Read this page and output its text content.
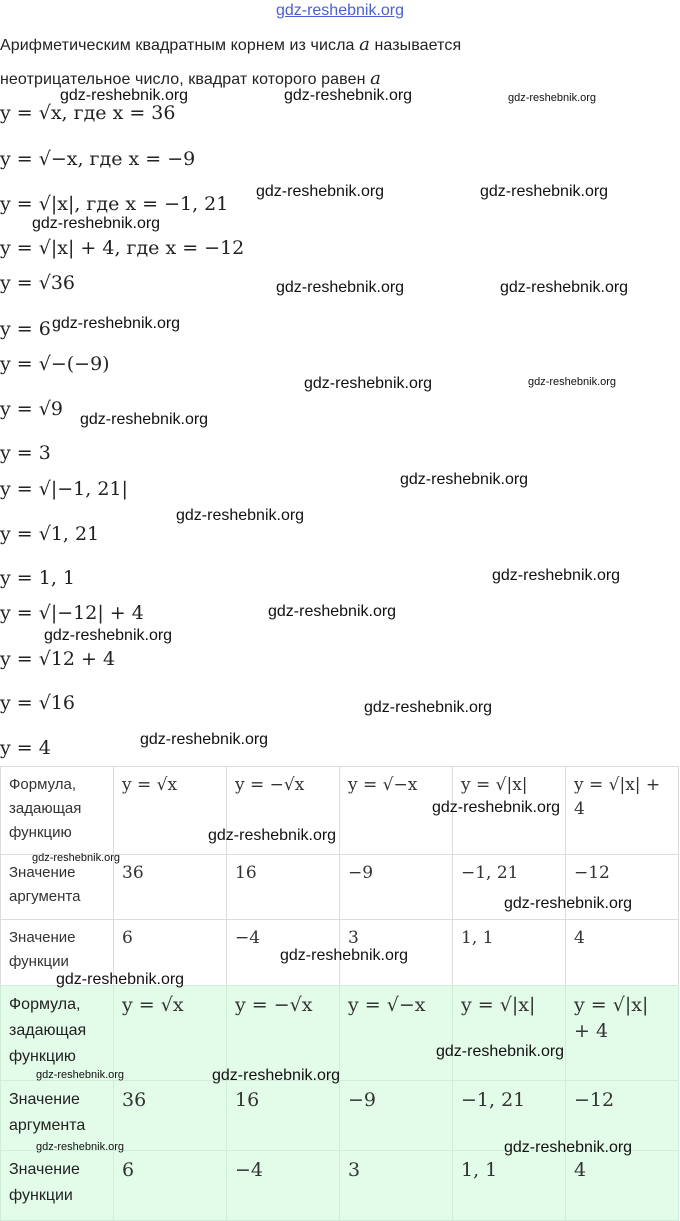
gdz-reshebnik.org
Арифметическим квадратным корнем из числа a называется
неотрицательное число, квадрат которого равен a
y = √x, где x = 36
y = √−x, где x = −9
y = √|x|, где x = −1, 21
y = √|x| + 4, где x = −12
y = √36
y = 6
y = √−(−9)
y = √9
y = 3
y = √|−1, 21|
y = √1, 21
y = 1, 1
y = √|−12| + 4
y = √12 + 4
y = √16
y = 4
Формула, задающая функцию	y = √x	y = −√x	y = √−x	y = √|x|	y = √|x| + 4
Значение аргумента	36	16	−9	−1, 21	−12
Значение функции	6	−4	3	1, 1	4
Формула, задающая функцию	y = √x	y = −√x	y = √−x	y = √|x|	y = √|x| + 4
Значение аргумента	36	16	−9	−1, 21	−12
Значение функции	6	−4	3	1, 1	4
gdz-reshebnik.org	gdz-reshebnik.org	gdz-reshebnik.org
gdz-reshebnik.org	gdz-reshebnik.org
gdz-reshebnik.org
gdz-reshebnik.org	gdz-reshebnik.org
gdz-reshebnik.org
gdz-reshebnik.org	gdz-reshebnik.org
gdz-reshebnik.org
gdz-reshebnik.org
gdz-reshebnik.org
gdz-reshebnik.org
gdz-reshebnik.org
gdz-reshebnik.org
gdz-reshebnik.org
gdz-reshebnik.org
gdz-reshebnik.org
gdz-reshebnik.org
gdz-reshebnik.org
gdz-reshebnik.org
gdz-reshebnik.org
gdz-reshebnik.org
gdz-reshebnik.org
gdz-reshebnik.org
gdz-reshebnik.org
gdz-reshebnik.org	gdz-reshebnik.org
